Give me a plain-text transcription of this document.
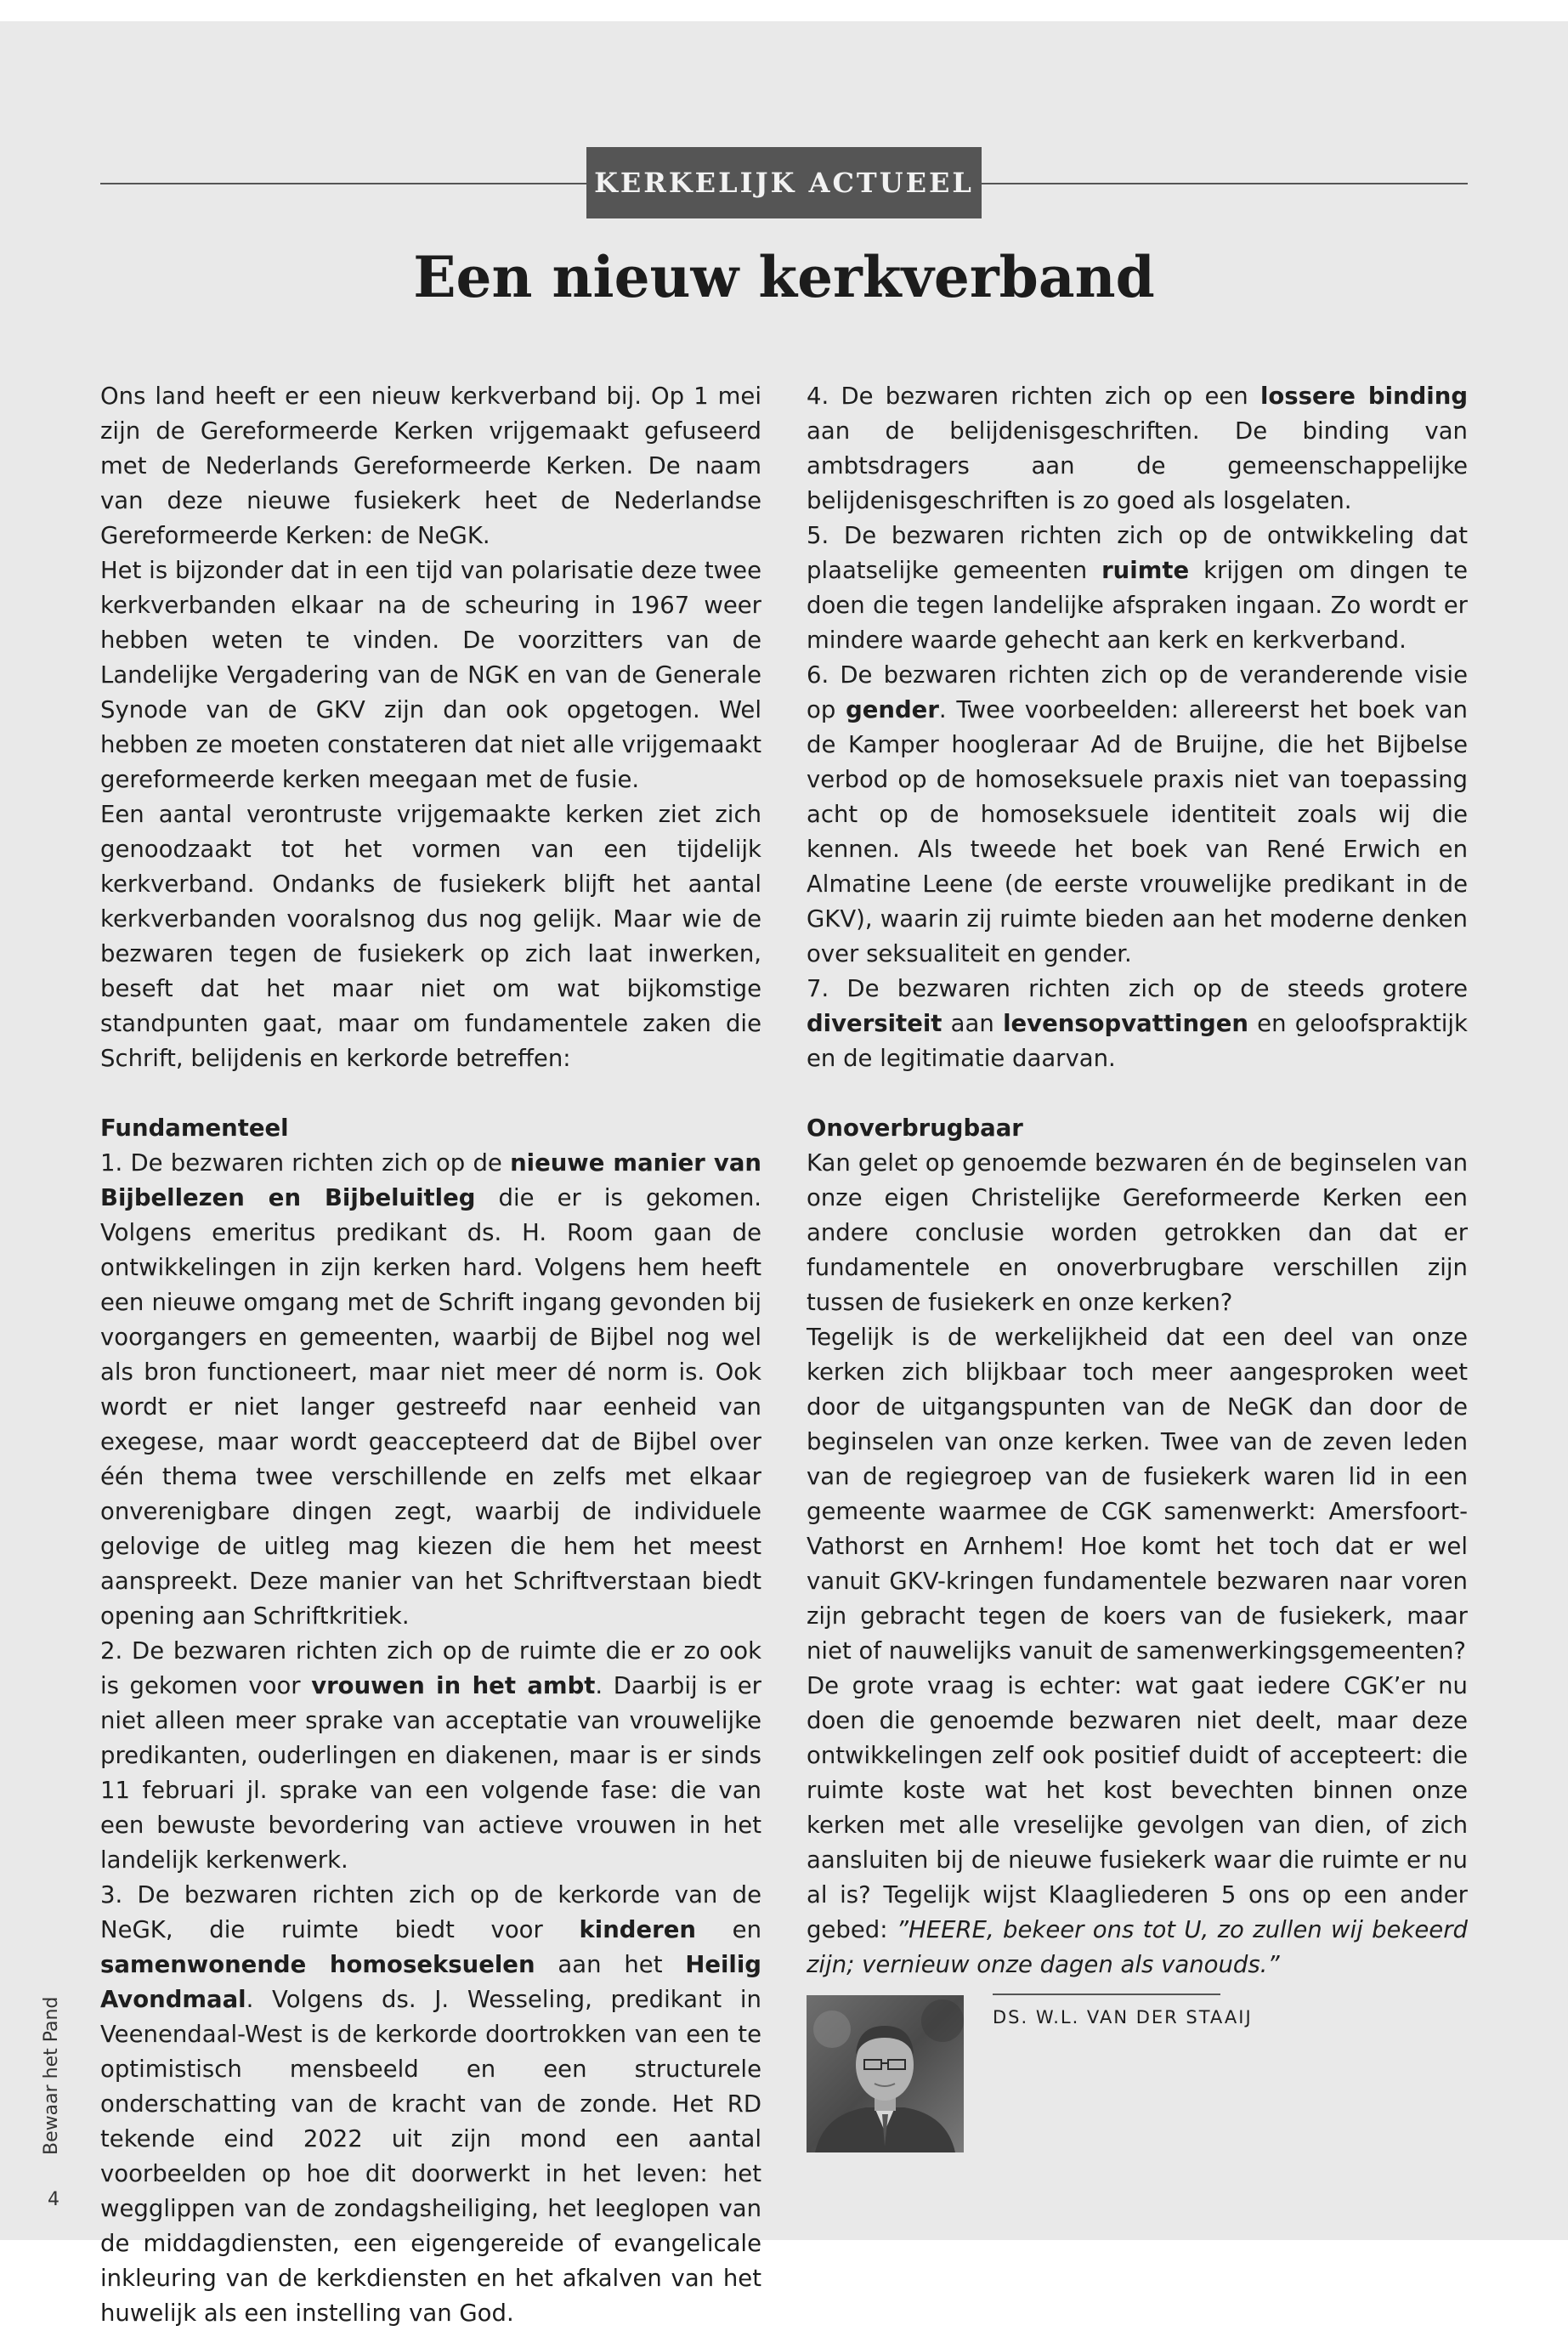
KERKELIJK ACTUEEL
Een nieuw kerkverband

Ons land heeft er een nieuw kerkverband bij. Op 1 mei zijn de Gereformeerde Kerken vrijgemaakt gefuseerd met de Nederlands Gereformeerde Kerken. De naam van deze nieuwe fusiekerk heet de Nederlandse Gereformeerde Kerken: de NeGK.

Het is bijzonder dat in een tijd van polarisatie deze twee kerkverbanden elkaar na de scheuring in 1967 weer hebben weten te vinden. De voorzitters van de Landelijke Vergadering van de NGK en van de Generale Synode van de GKV zijn dan ook opgetogen. Wel hebben ze moeten constateren dat niet alle vrijgemaakt gereformeerde kerken meegaan met de fusie.

Een aantal verontruste vrijgemaakte kerken ziet zich genoodzaakt tot het vormen van een tijdelijk kerkverband. Ondanks de fusiekerk blijft het aantal kerkverbanden vooralsnog dus nog gelijk. Maar wie de bezwaren tegen de fusiekerk op zich laat inwerken, beseft dat het maar niet om wat bijkomstige standpunten gaat, maar om fundamentele zaken die Schrift, belijdenis en kerkorde betreffen:

Fundamenteel

1. De bezwaren richten zich op de nieuwe manier van Bijbellezen en Bijbeluitleg die er is gekomen. Volgens emeritus predikant ds. H. Room gaan de ontwikkelingen in zijn kerken hard. Volgens hem heeft een nieuwe omgang met de Schrift ingang gevonden bij voorgangers en gemeenten, waarbij de Bijbel nog wel als bron functioneert, maar niet meer dé norm is. Ook wordt er niet langer gestreefd naar eenheid van exegese, maar wordt geaccepteerd dat de Bijbel over één thema twee verschillende en zelfs met elkaar onverenigbare dingen zegt, waarbij de individuele gelovige de uitleg mag kiezen die hem het meest aanspreekt. Deze manier van het Schriftverstaan biedt opening aan Schriftkritiek.

2. De bezwaren richten zich op de ruimte die er zo ook is gekomen voor vrouwen in het ambt. Daarbij is er niet alleen meer sprake van acceptatie van vrouwelijke predikanten, ouderlingen en diakenen, maar is er sinds 11 februari jl. sprake van een volgende fase: die van een bewuste bevordering van actieve vrouwen in het landelijk kerkenwerk.

3. De bezwaren richten zich op de kerkorde van de NeGK, die ruimte biedt voor kinderen en samenwonende homoseksuelen aan het Heilig Avondmaal. Volgens ds. J. Wesseling, predikant in Veenendaal-West is de kerkorde doortrokken van een te optimistisch mensbeeld en een structurele onderschatting van de kracht van de zonde. Het RD tekende eind 2022 uit zijn mond een aantal voorbeelden op hoe dit doorwerkt in het leven: het wegglippen van de zondagsheiliging, het leeglopen van de middagdiensten, een eigengereide of evangelicale inkleuring van de kerkdiensten en het afkalven van het huwelijk als een instelling van God.

4. De bezwaren richten zich op een lossere binding aan de belijdenisgeschriften. De binding van ambtsdragers aan de gemeenschappelijke belijdenisgeschriften is zo goed als losgelaten.

5. De bezwaren richten zich op de ontwikkeling dat plaatselijke gemeenten ruimte krijgen om dingen te doen die tegen landelijke afspraken ingaan. Zo wordt er mindere waarde gehecht aan kerk en kerkverband.

6. De bezwaren richten zich op de veranderende visie op gender. Twee voorbeelden: allereerst het boek van de Kamper hoogleraar Ad de Bruijne, die het Bijbelse verbod op de homoseksuele praxis niet van toepassing acht op de homoseksuele identiteit zoals wij die kennen. Als tweede het boek van René Erwich en Almatine Leene (de eerste vrouwelijke predikant in de GKV), waarin zij ruimte bieden aan het moderne denken over seksualiteit en gender.

7. De bezwaren richten zich op de steeds grotere diversiteit aan levensopvattingen en geloofspraktijk en de legitimatie daarvan.

Onoverbrugbaar

Kan gelet op genoemde bezwaren én de beginselen van onze eigen Christelijke Gereformeerde Kerken een andere conclusie worden getrokken dan dat er fundamentele en onoverbrugbare verschillen zijn tussen de fusiekerk en onze kerken?

Tegelijk is de werkelijkheid dat een deel van onze kerken zich blijkbaar toch meer aangesproken weet door de uitgangspunten van de NeGK dan door de beginselen van onze kerken. Twee van de zeven leden van de regiegroep van de fusiekerk waren lid in een gemeente waarmee de CGK samenwerkt: Amersfoort-Vathorst en Arnhem! Hoe komt het toch dat er wel vanuit GKV-kringen fundamentele bezwaren naar voren zijn gebracht tegen de koers van de fusiekerk, maar niet of nauwelijks vanuit de samenwerkingsgemeenten?

De grote vraag is echter: wat gaat iedere CGK’er nu doen die genoemde bezwaren niet deelt, maar deze ontwikkelingen zelf ook positief duidt of accepteert: die ruimte koste wat het kost bevechten binnen onze kerken met alle vreselijke gevolgen van dien, of zich aansluiten bij de nieuwe fusiekerk waar die ruimte er nu al is? Tegelijk wijst Klaagliederen 5 ons op een ander gebed: ”HEERE, bekeer ons tot U, zo zullen wij bekeerd zijn; vernieuw onze dagen als vanouds.”

DS. W.L. VAN DER STAAIJ
Bewaar het Pand
4
